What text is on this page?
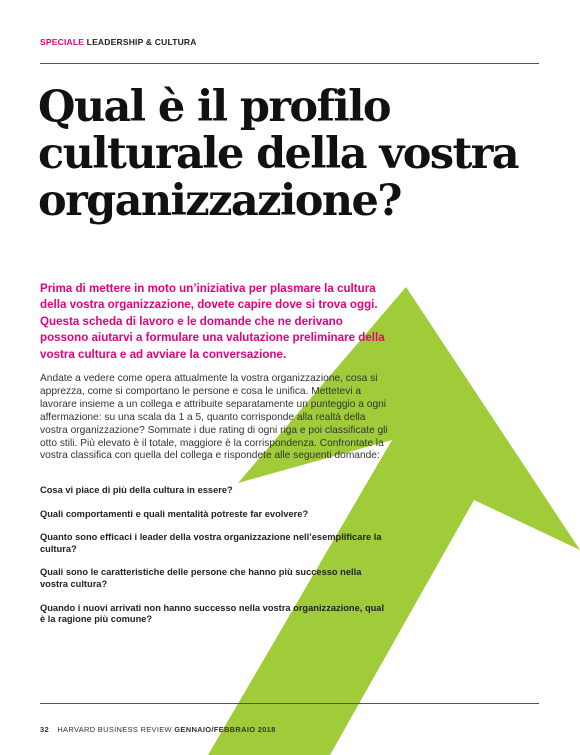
SPECIALE LEADERSHIP & CULTURA
Qual è il profilo
culturale della vostra
organizzazione?

Prima di mettere in moto un’iniziativa per plasmare la cultura della vostra organizzazione, dovete capire dove si trova oggi. Questa scheda di lavoro e le domande che ne derivano possono aiutarvi a formulare una valutazione preliminare della vostra cultura e ad avviare la conversazione.

Andate a vedere come opera attualmente la vostra organizzazione, cosa si apprezza, come si comportano le persone e cosa le unifica. Mettetevi a lavorare insieme a un collega e attribuite separatamente un punteggio a ogni affermazione: su una scala da 1 a 5, quanto corrisponde alla realtà della vostra organizzazione? Sommate i due rating di ogni riga e poi classificate gli otto stili. Più elevato è il totale, maggiore è la corrispondenza. Confrontate la vostra classifica con quella del collega e rispondete alle seguenti domande:

Cosa vi piace di più della cultura in essere?
Quali comportamenti e quali mentalità potreste far evolvere?
Quanto sono efficaci i leader della vostra organizzazione nell’esemplificare la cultura?
Quali sono le caratteristiche delle persone che hanno più successo nella vostra cultura?
Quando i nuovi arrivati non hanno successo nella vostra organizzazione, qual è la ragione più comune?
32 HARVARD BUSINESS REVIEW GENNAIO/FEBBRAIO 2018
